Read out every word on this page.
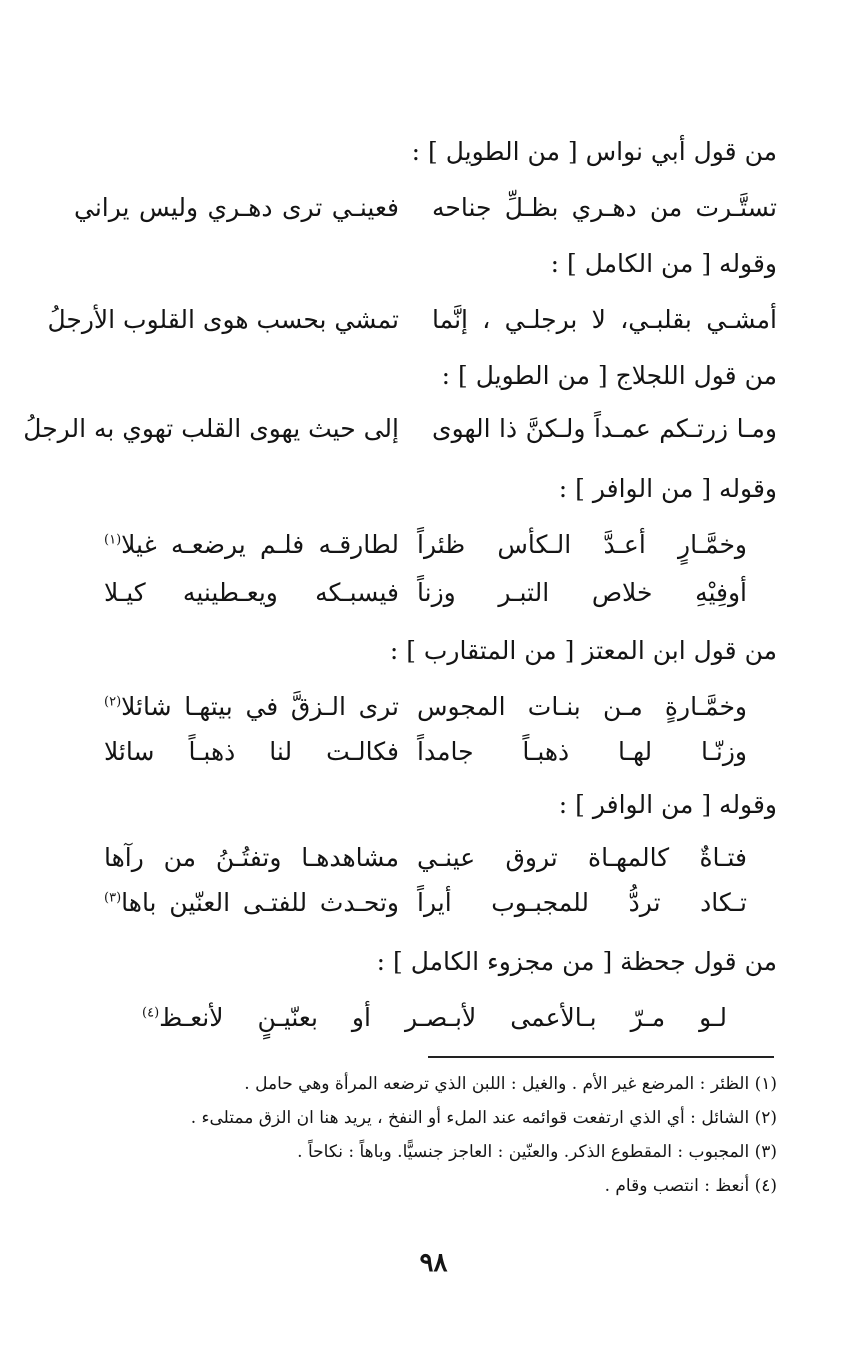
من قول أبي نواس [ من الطويل ] :
تستَّـرت من دهـري بظـلِّ جناحه
فعينـي ترى دهـري وليس يراني
وقوله [ من الكامل ] :
أمشـي بقلبـي، لا برجلـي ، إنَّما
تمشي بحسب هوى القلوب الأرجلُ
من قول اللجلاج [ من الطويل ] :
ومـا زرتـكم عمـداً ولـكنَّ ذا الهوى
إلى حيث يهوى القلب تهوي به الرجلُ
وقوله [ من الوافر ] :
وخمَّـارٍ أعـدَّ الـكأس ظئراً
لطارقـه فلـم يرضعـه غيلا$^{(١)}$
أوفِيْهِ خلاص التبـر وزناً
فيسبـكه ويعـطينيه كيـلا
من قول ابن المعتز [ من المتقارب ] :
وخمَّـارةٍ مـن بنـات المجوس
ترى الـزقَّ في بيتهـا شائلا$^{(٢)}$
وزنّـا لهـا ذهبـاً جامداً
فكالـت لنا ذهبـاً سائلا
وقوله [ من الوافر ] :
فتـاةٌ كالمهـاة تروق عينـي
مشاهدهـا وتفتُـنُ من رآها
تـكاد تردُّ للمجبـوب أيراً
وتحـدث للفتـى العنّين باها$^{(٣)}$
من قول جحظة [ من مجزوء الكامل ] :
لـو مـرّ بـالأعمى لأبـصـر أو بعنّيـنٍ لأنعـظ$^{(٤)}$
(١) الظئر : المرضع غير الأم . والغيل : اللبن الذي ترضعه المرأة وهي حامل .
(٢) الشائل : أي الذي ارتفعت قوائمه عند الملء أو النفخ ، يريد هنا ان الزق ممتلىء .
(٣) المجبوب : المقطوع الذكر. والعنّين : العاجز جنسيًّا. وباهاً : نكاحاً .
(٤) أنعظ : انتصب وقام .
٩٨
